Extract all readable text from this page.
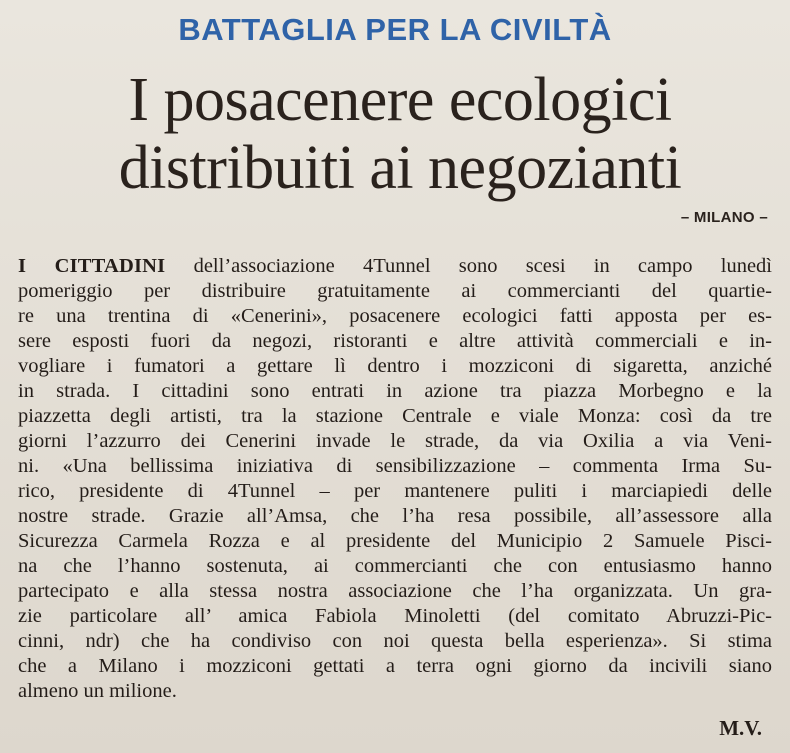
BATTAGLIA PER LA CIVILTÀ

I posacenere ecologici
distribuiti ai negozianti

– MILANO –

I CITTADINI dell’associazione 4Tunnel sono scesi in campo lunedì
pomeriggio per distribuire gratuitamente ai commercianti del quartie-
re una trentina di «Cenerini», posacenere ecologici fatti apposta per es-
sere esposti fuori da negozi, ristoranti e altre attività commerciali e in-
vogliare i fumatori a gettare lì dentro i mozziconi di sigaretta, anziché
in strada. I cittadini sono entrati in azione tra piazza Morbegno e la
piazzetta degli artisti, tra la stazione Centrale e viale Monza: così da tre
giorni l’azzurro dei Cenerini invade le strade, da via Oxilia a via Veni-
ni. «Una bellissima iniziativa di sensibilizzazione – commenta Irma Su-
rico, presidente di 4Tunnel – per mantenere puliti i marciapiedi delle
nostre strade. Grazie all’Amsa, che l’ha resa possibile, all’assessore alla
Sicurezza Carmela Rozza e al presidente del Municipio 2 Samuele Pisci-
na che l’hanno sostenuta, ai commercianti che con entusiasmo hanno
partecipato e alla stessa nostra associazione che l’ha organizzata. Un gra-
zie particolare all’ amica Fabiola Minoletti (del comitato Abruzzi-Pic-
cinni, ndr) che ha condiviso con noi questa bella esperienza». Si stima
che a Milano i mozziconi gettati a terra ogni giorno da incivili siano
almeno un milione.

M.V.
